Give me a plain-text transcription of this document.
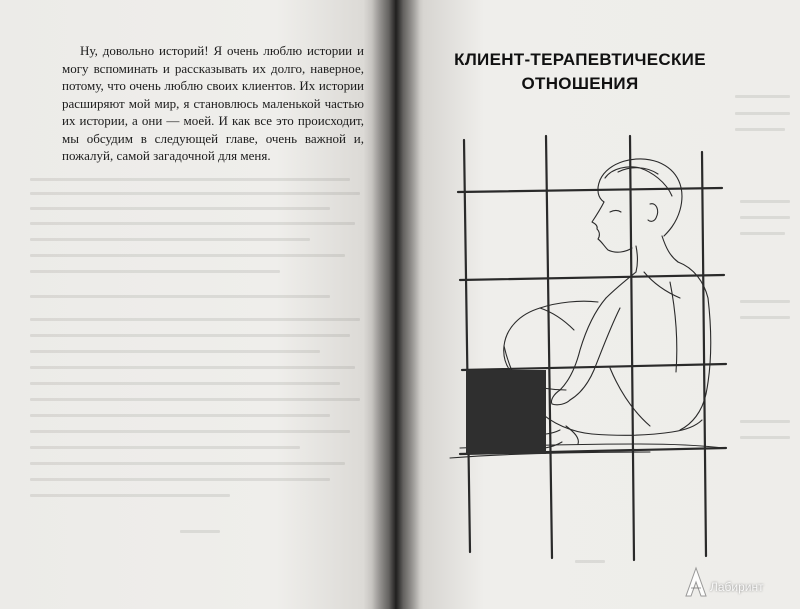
Ну, довольно историй! Я очень люблю истории и могу вспоминать и рассказывать их долго, наверное, потому, что очень люблю своих клиентов. Их истории расширяют мой мир, я становлюсь маленькой частью их истории, а они — моей. И как все это происходит, мы обсудим в следующей главе, очень важной и, пожалуй, самой загадочной для меня.

КЛИЕНТ-ТЕРАПЕВТИЧЕСКИЕ
ОТНОШЕНИЯ
Лабиринт
